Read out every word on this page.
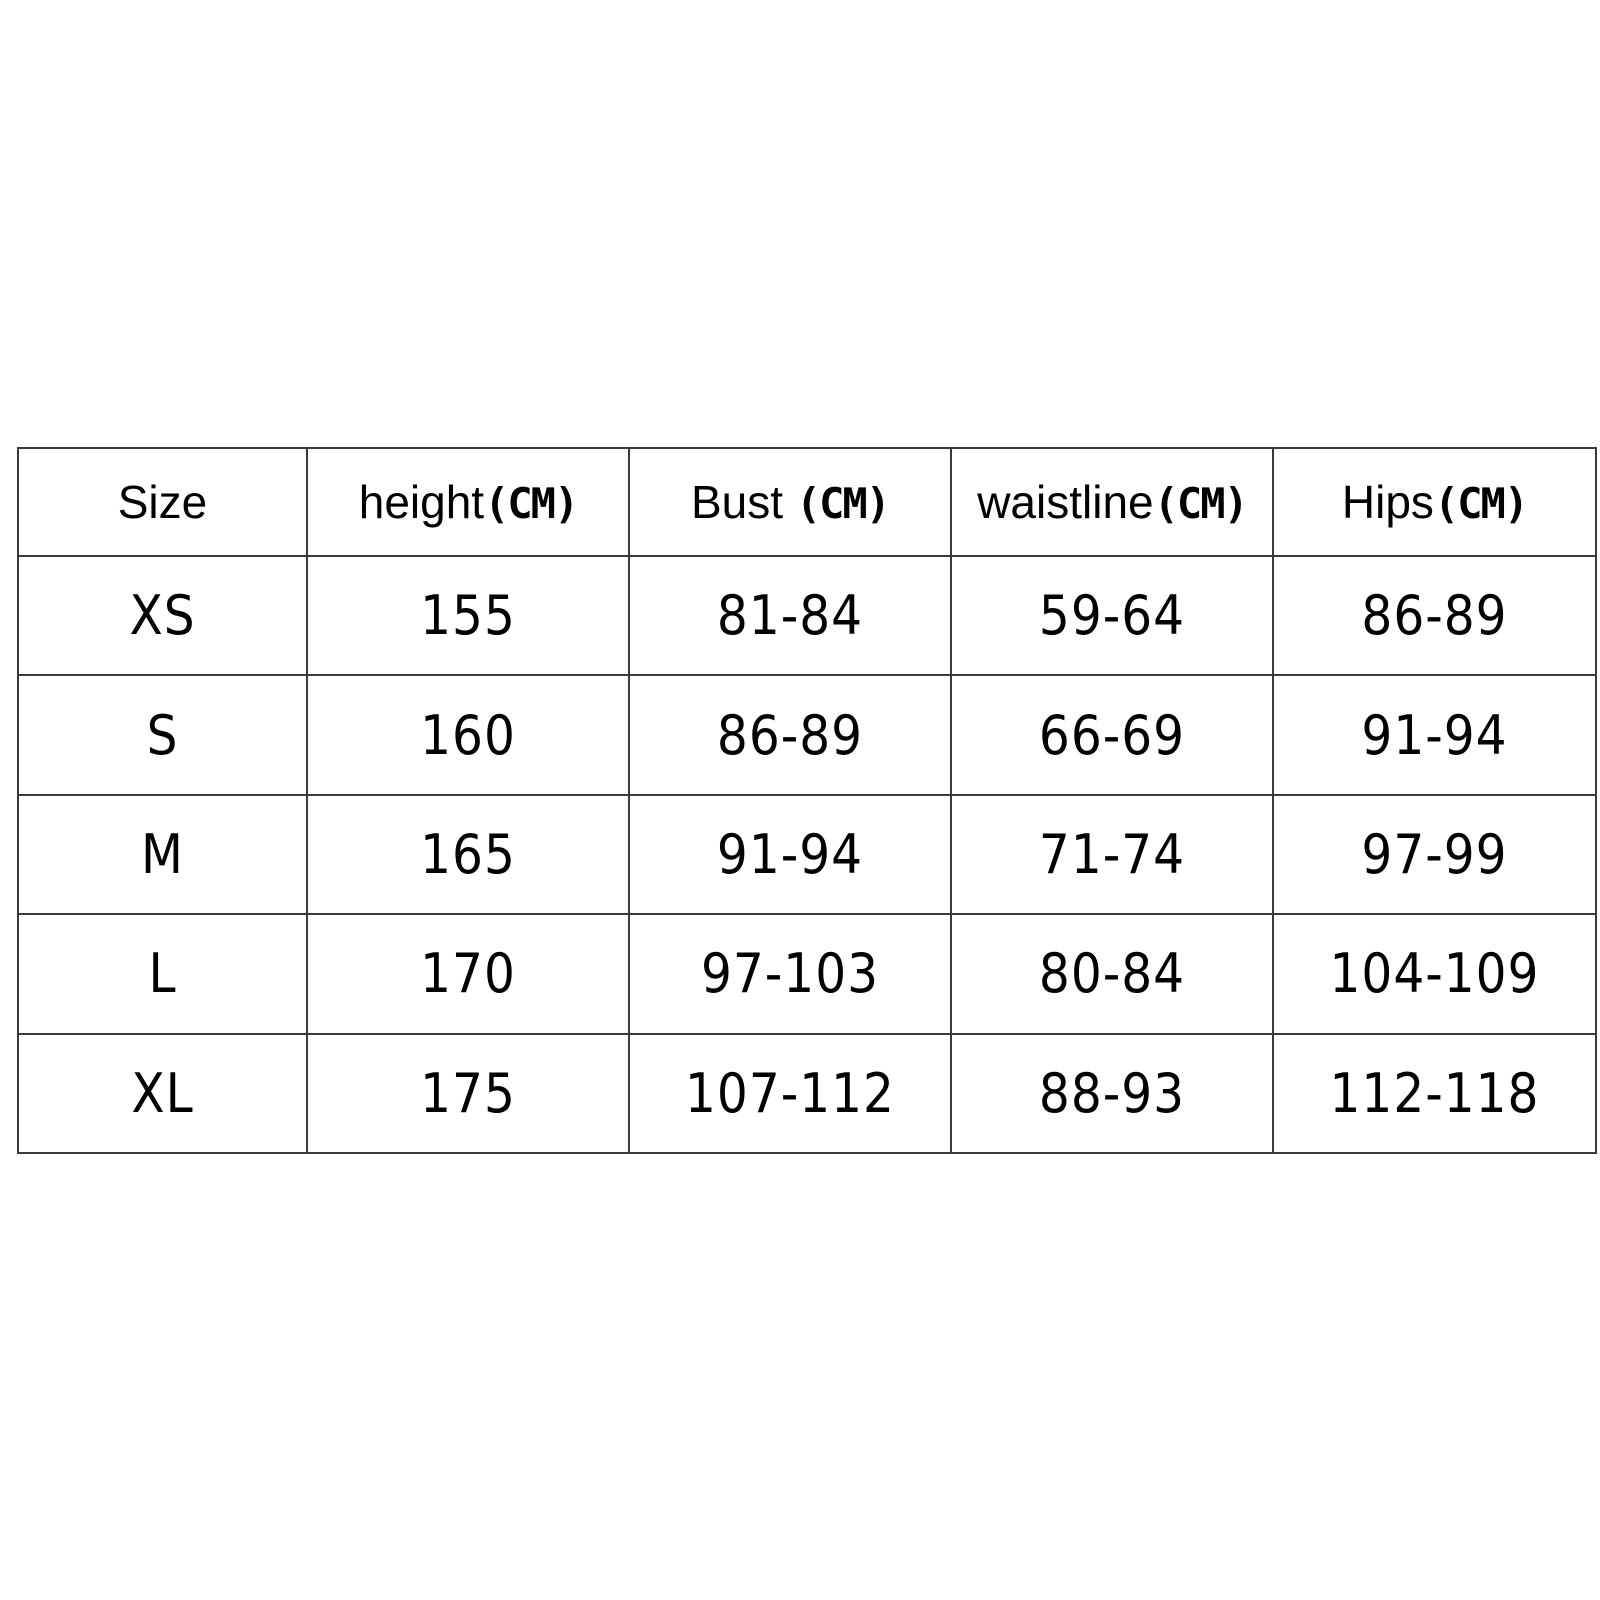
Size	height(CM)	Bust (CM)	waistline(CM)	Hips(CM)
XS	155	81-84	59-64	86-89
S	160	86-89	66-69	91-94
M	165	91-94	71-74	97-99
L	170	97-103	80-84	104-109
XL	175	107-112	88-93	112-118
